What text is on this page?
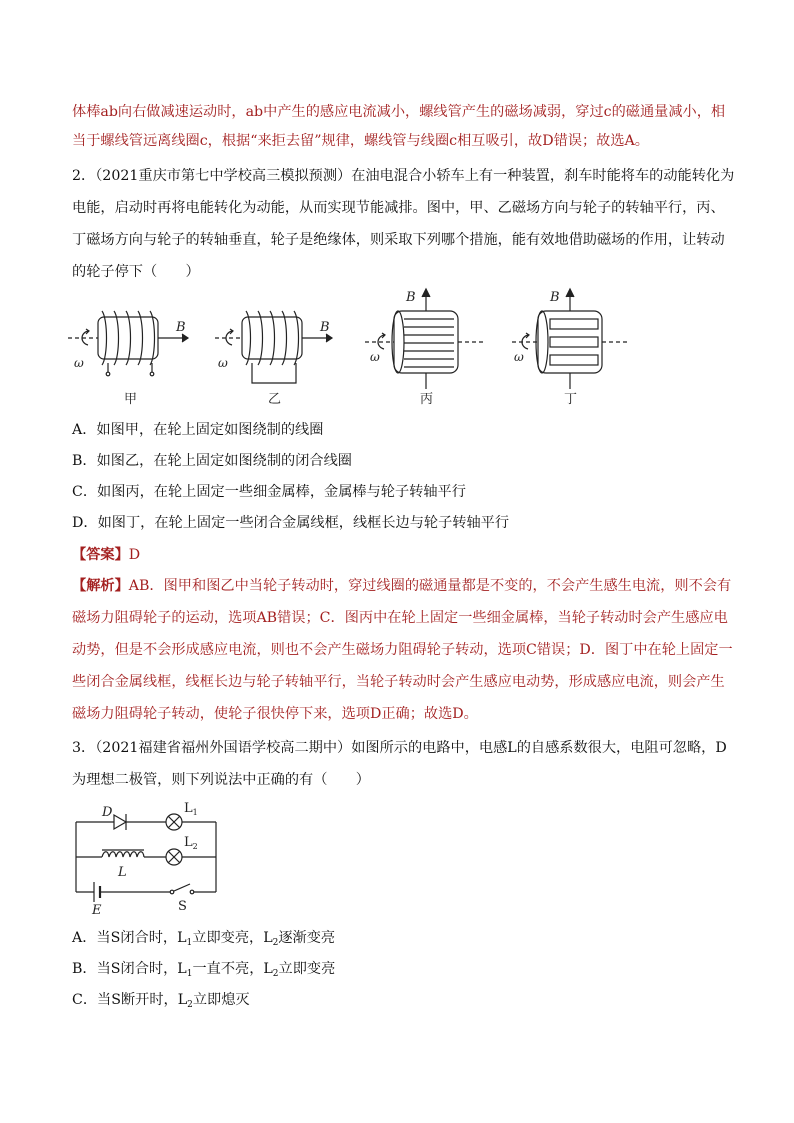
体棒ab向右做减速运动时，ab中产生的感应电流减小，螺线管产生的磁场减弱，穿过c的磁通量减小，相
当于螺线管远离线圈c，根据“来拒去留”规律，螺线管与线圈c相互吸引，故D错误；故选A。
2．（2021重庆市第七中学校高三模拟预测）在油电混合小轿车上有一种装置，刹车时能将车的动能转化为
电能，启动时再将电能转化为动能，从而实现节能减排。图中，甲、乙磁场方向与轮子的转轴平行，丙、
丁磁场方向与轮子的转轴垂直，轮子是绝缘体，则采取下列哪个措施，能有效地借助磁场的作用，让转动
的轮子停下（　　）
B
ω
甲
B
ω
乙
B
ω
丙
B
ω
丁
A．如图甲，在轮上固定如图绕制的线圈
B．如图乙，在轮上固定如图绕制的闭合线圈
C．如图丙，在轮上固定一些细金属棒，金属棒与轮子转轴平行
D．如图丁，在轮上固定一些闭合金属线框，线框长边与轮子转轴平行
【答案】D
【解析】AB．图甲和图乙中当轮子转动时，穿过线圈的磁通量都是不变的，不会产生感生电流，则不会有
磁场力阻碍轮子的运动，选项AB错误；C．图丙中在轮上固定一些细金属棒，当轮子转动时会产生感应电
动势，但是不会形成感应电流，则也不会产生磁场力阻碍轮子转动，选项C错误；D．图丁中在轮上固定一
些闭合金属线框，线框长边与轮子转轴平行，当轮子转动时会产生感应电动势，形成感应电流，则会产生
磁场力阻碍轮子转动，使轮子很快停下来，选项D正确；故选D。
3．（2021福建省福州外国语学校高二期中）如图所示的电路中，电感L的自感系数很大，电阻可忽略，D
为理想二极管，则下列说法中正确的有（　　）
D	$L_1$
$L_2$
L
E	S
A．当S闭合时，$L_1$立即变亮，$L_2$逐渐变亮
B．当S闭合时，$L_1$一直不亮，$L_2$立即变亮
C．当S断开时，$L_2$立即熄灭
